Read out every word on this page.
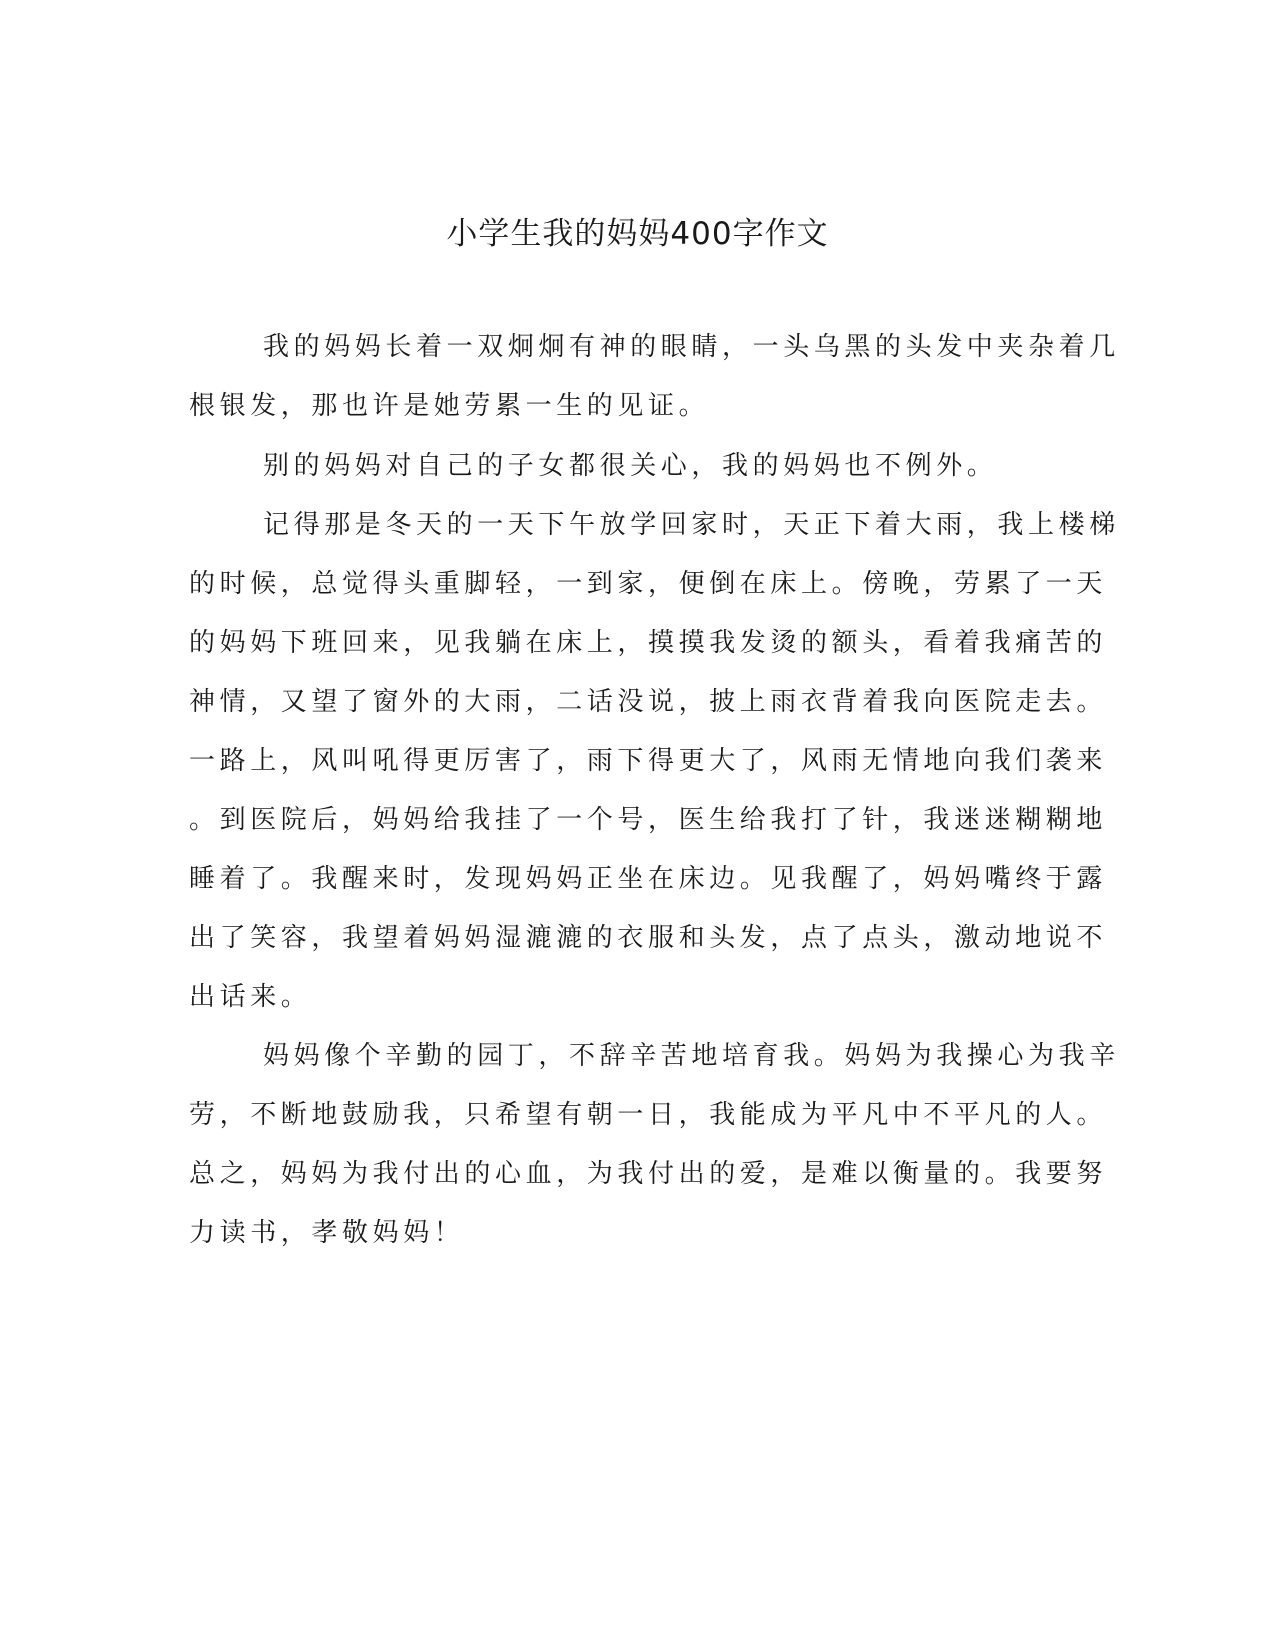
小学生我的妈妈400字作文
我的妈妈长着一双炯炯有神的眼睛，一头乌黑的头发中夹杂着几
根银发，那也许是她劳累一生的见证。
别的妈妈对自己的子女都很关心，我的妈妈也不例外。
记得那是冬天的一天下午放学回家时，天正下着大雨，我上楼梯
的时候，总觉得头重脚轻，一到家，便倒在床上。傍晚，劳累了一天
的妈妈下班回来，见我躺在床上，摸摸我发烫的额头，看着我痛苦的
神情，又望了窗外的大雨，二话没说，披上雨衣背着我向医院走去。
一路上，风叫吼得更厉害了，雨下得更大了，风雨无情地向我们袭来
。到医院后，妈妈给我挂了一个号，医生给我打了针，我迷迷糊糊地
睡着了。我醒来时，发现妈妈正坐在床边。见我醒了，妈妈嘴终于露
出了笑容，我望着妈妈湿漉漉的衣服和头发，点了点头，激动地说不
出话来。
妈妈像个辛勤的园丁，不辞辛苦地培育我。妈妈为我操心为我辛
劳，不断地鼓励我，只希望有朝一日，我能成为平凡中不平凡的人。
总之，妈妈为我付出的心血，为我付出的爱，是难以衡量的。我要努
力读书，孝敬妈妈！
